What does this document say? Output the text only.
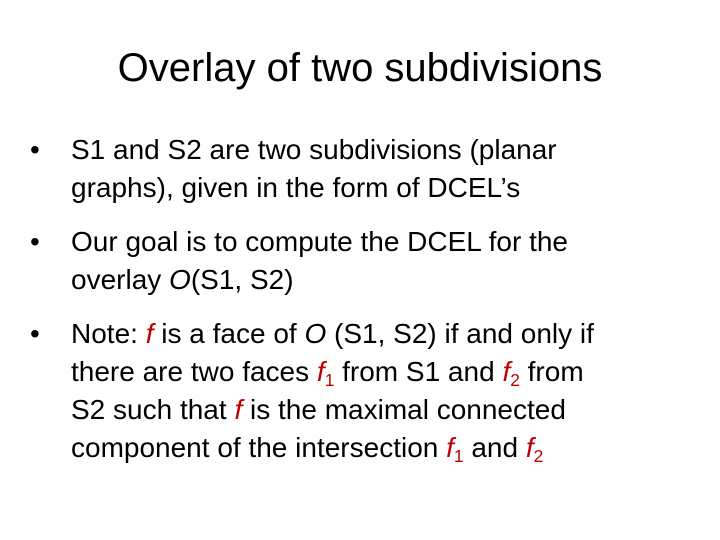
Overlay of two subdivisions
•	S1 and S2 are two subdivisions (planar
graphs), given in the form of DCEL’s
•	Our goal is to compute the DCEL for the
overlay O(S1, S2)
•	Note: f is a face of O (S1, S2) if and only if
there are two faces $f_1$ from S1 and $f_2$ from
S2 such that f is the maximal connected
component of the intersection $f_1$ and $f_2$
